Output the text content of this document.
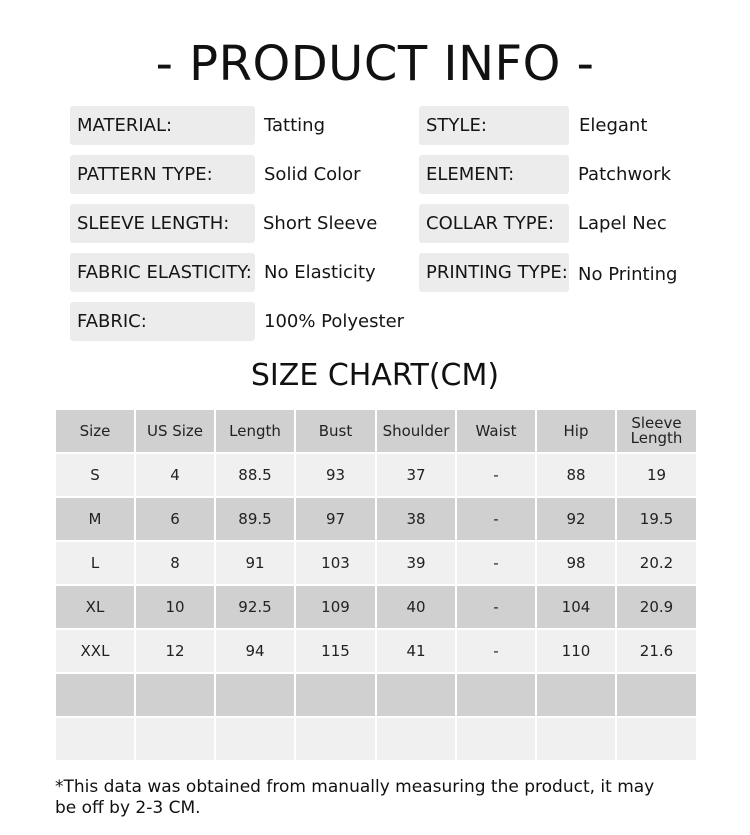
- PRODUCT INFO -
MATERIAL:	Tatting	STYLE:	Elegant
PATTERN TYPE:	Solid Color	ELEMENT:	Patchwork
SLEEVE LENGTH:	Short Sleeve	COLLAR TYPE:	Lapel Nec
FABRIC ELASTICITY: No Elasticity	PRINTING TYPE: No Printing
FABRIC:	100% Polyester
SIZE CHART(CM)
Size	US Size	Length	Bust	Shoulder	Waist	Hip	Sleeve
Length

S	4	88.5	93	37	-	88	19
M	6	89.5	97	38	-	92	19.5
L	8	91	103	39	-	98	20.2
XL	10	92.5	109	40	-	104	20.9
XXL	12	94	115	41	-	110	21.6

*This data was obtained from manually measuring the product, it may be off by 2-3 CM.
